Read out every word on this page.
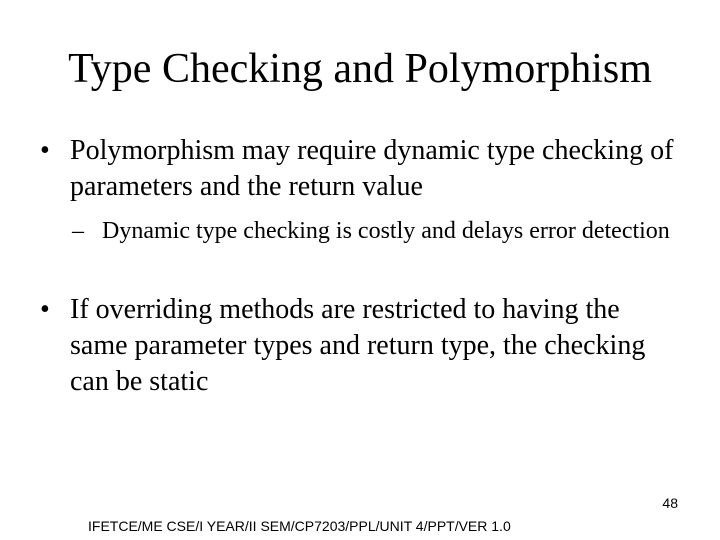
Type Checking and Polymorphism
• Polymorphism may require dynamic type checking of parameters and the return value
– Dynamic type checking is costly and delays error detection
• If overriding methods are restricted to having the same parameter types and return type, the checking can be static
48
IFETCE/ME CSE/I YEAR/II SEM/CP7203/PPL/UNIT 4/PPT/VER 1.0
